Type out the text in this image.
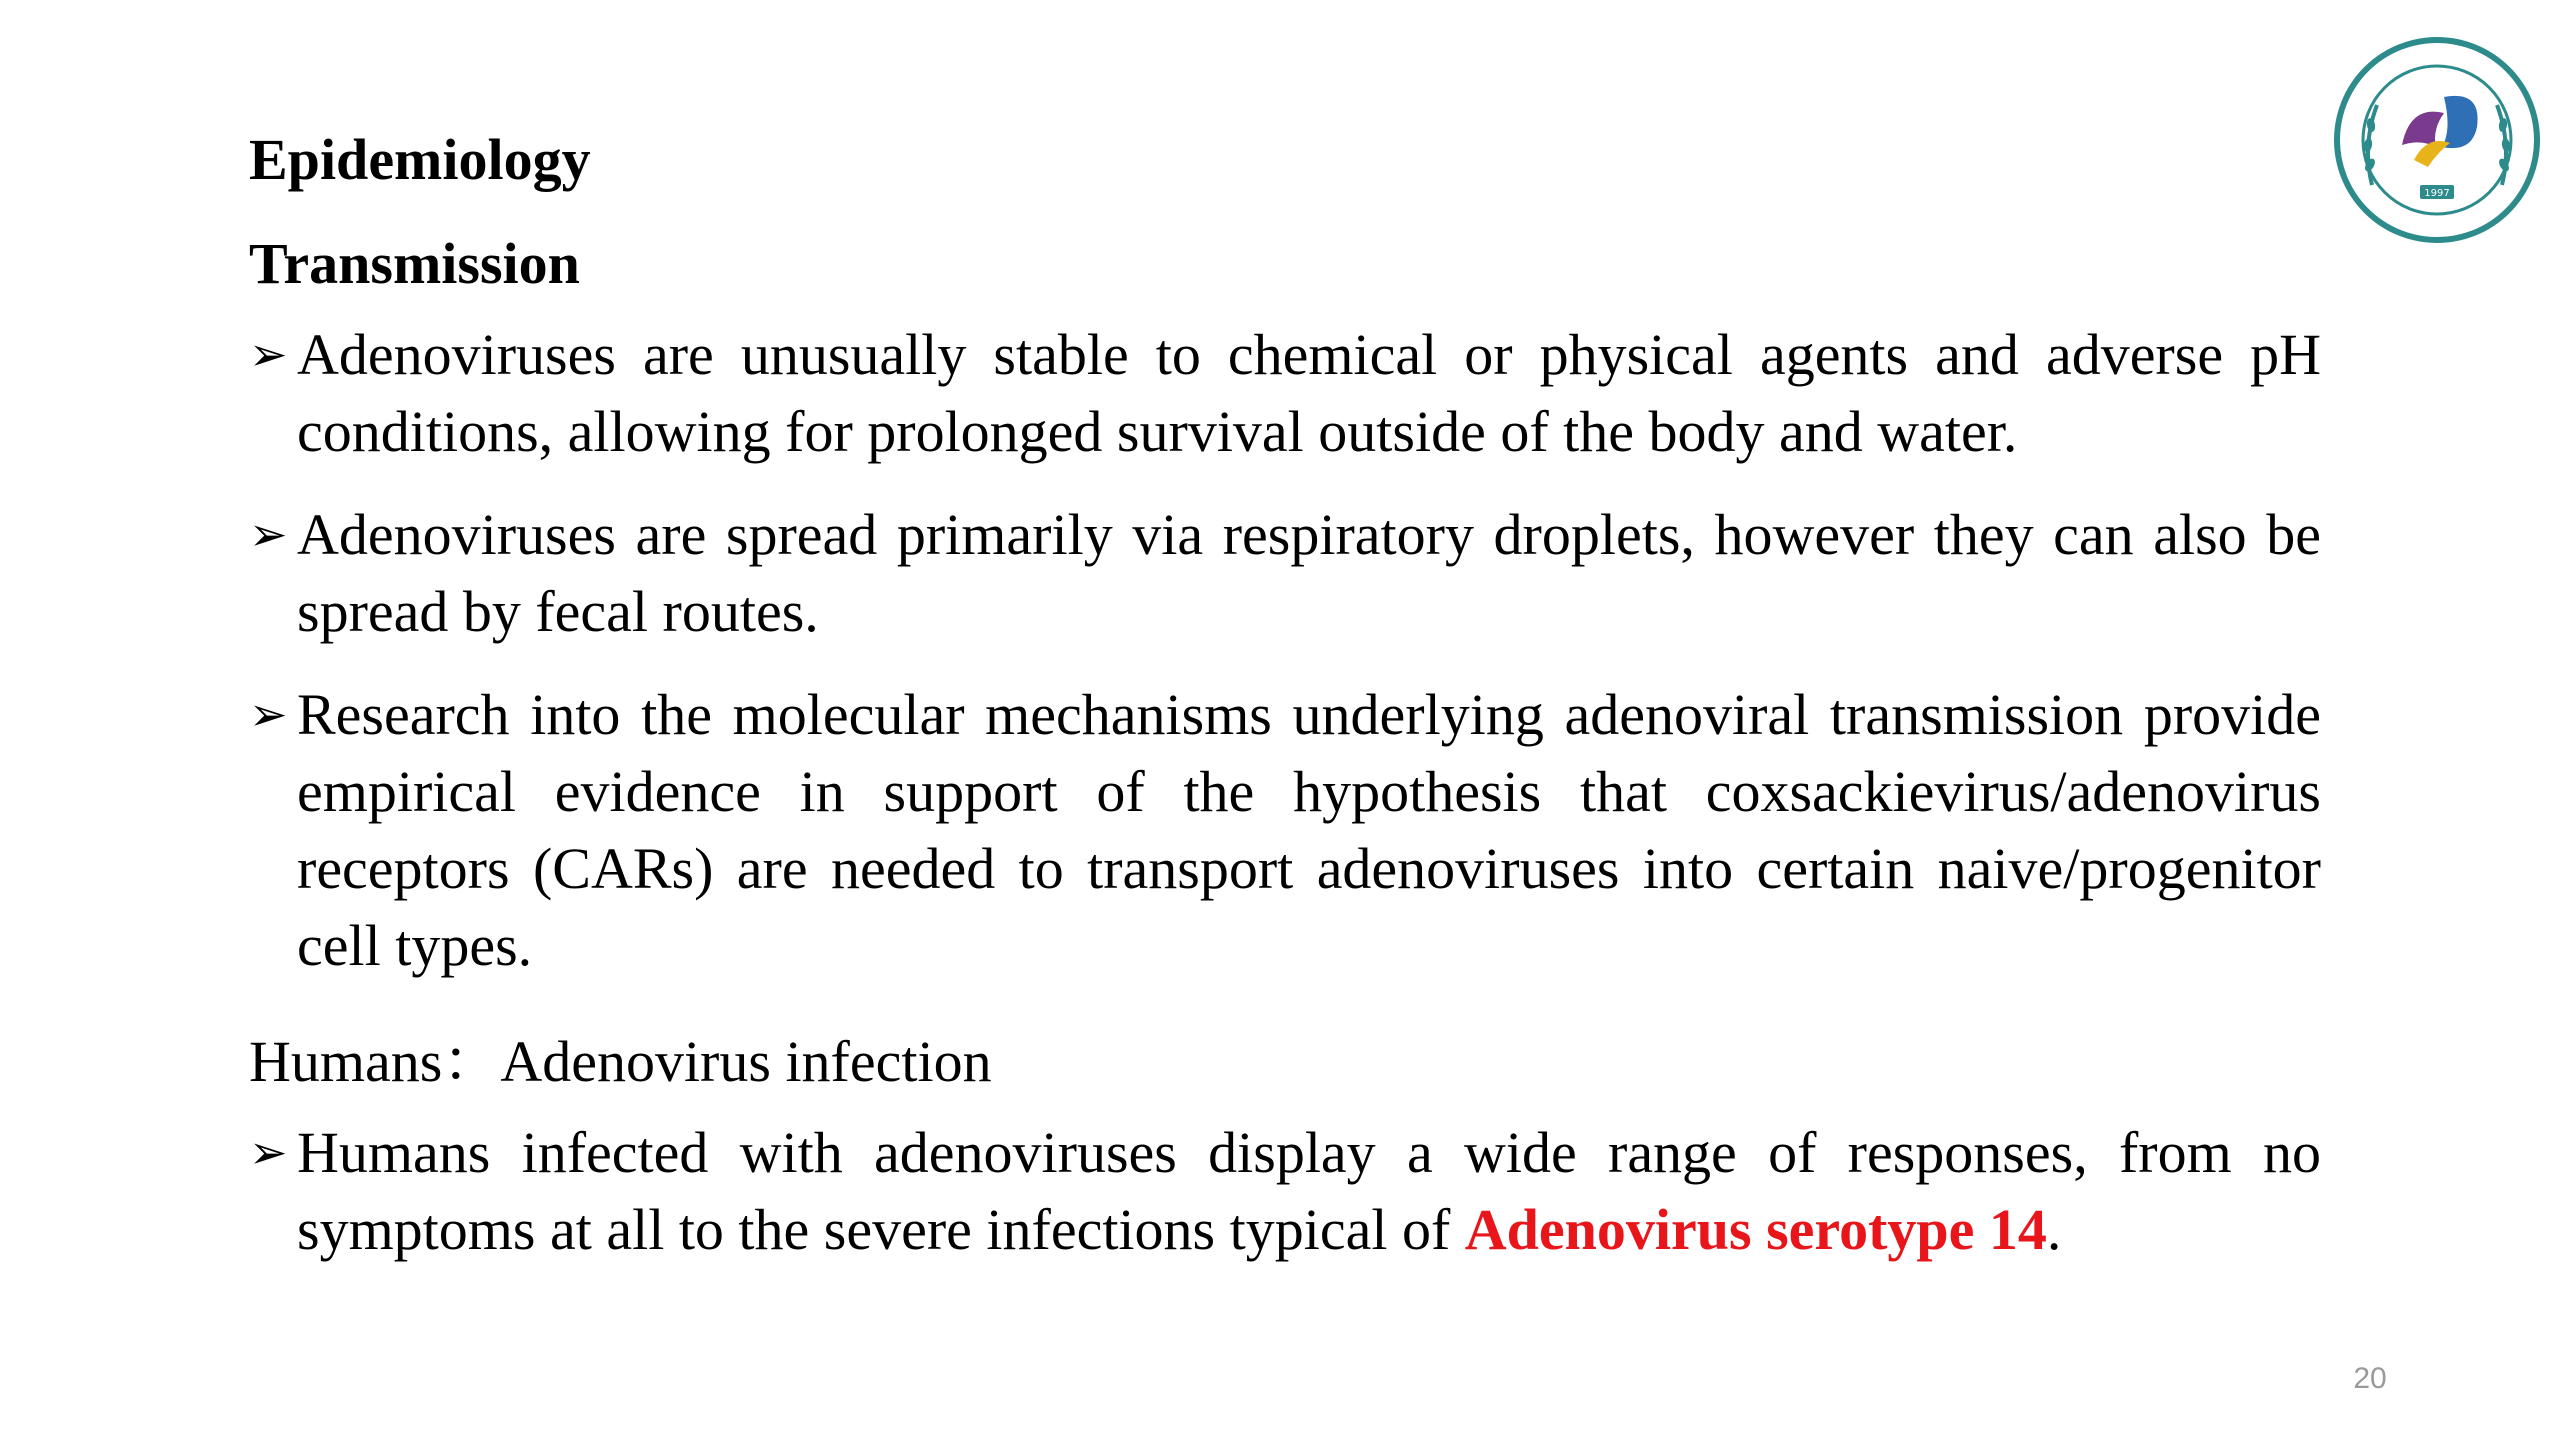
1997

Epidemiology

Transmission

➢ Adenoviruses are unusually stable to chemical or physical agents and adverse pH conditions, allowing for prolonged survival outside of the body and water.
➢ Adenoviruses are spread primarily via respiratory droplets, however they can also be spread by fecal routes.
➢ Research into the molecular mechanisms underlying adenoviral transmission provide empirical evidence in support of the hypothesis that coxsackievirus/adenovirus receptors (CARs) are needed to transport adenoviruses into certain naive/progenitor cell types.

Humans：Adenovirus infection

➢ Humans infected with adenoviruses display a wide range of responses, from no symptoms at all to the severe infections typical of Adenovirus serotype 14.
20
